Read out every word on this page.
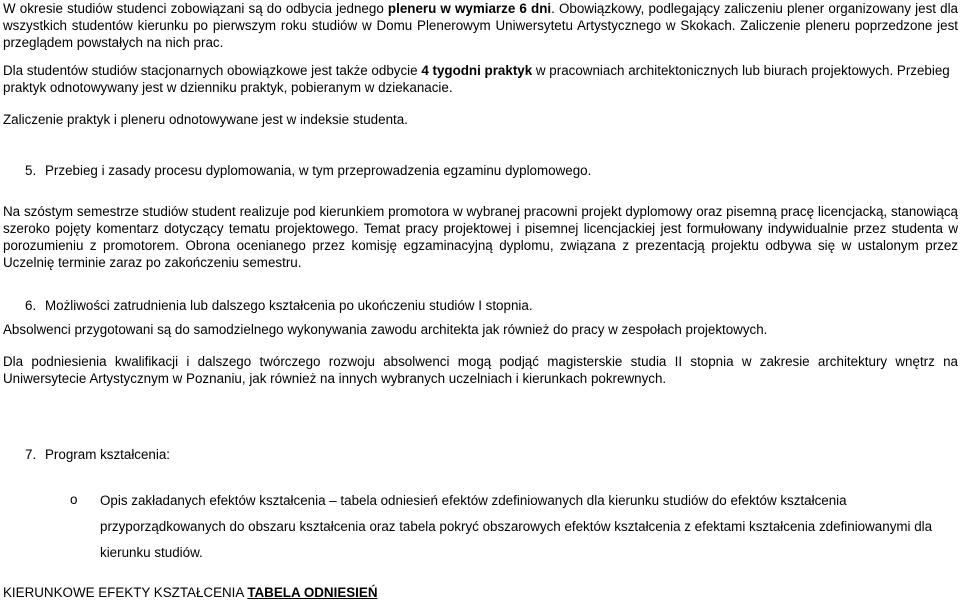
W okresie studiów studenci zobowiązani są do odbycia jednego pleneru w wymiarze 6 dni. Obowiązkowy, podlegający zaliczeniu plener organizowany jest dla wszystkich studentów kierunku po pierwszym roku studiów w Domu Plenerowym Uniwersytetu Artystycznego w Skokach. Zaliczenie pleneru poprzedzone jest przeglądem powstałych na nich prac.

Dla studentów studiów stacjonarnych obowiązkowe jest także odbycie 4 tygodni praktyk w pracowniach architektonicznych lub biurach projektowych. Przebieg praktyk odnotowywany jest w dzienniku praktyk, pobieranym w dziekanacie.

Zaliczenie praktyk i pleneru odnotowywane jest w indeksie studenta.

5. Przebieg i zasady procesu dyplomowania, w tym przeprowadzenia egzaminu dyplomowego.

Na szóstym semestrze studiów student realizuje pod kierunkiem promotora w wybranej pracowni projekt dyplomowy oraz pisemną pracę licencjacką, stanowiącą szeroko pojęty komentarz dotyczący tematu projektowego. Temat pracy projektowej i pisemnej licencjackiej jest formułowany indywidualnie przez studenta w porozumieniu z promotorem. Obrona ocenianego przez komisję egzaminacyjną dyplomu, związana z prezentacją projektu odbywa się w ustalonym przez Uczelnię terminie zaraz po zakończeniu semestru.

6. Możliwości zatrudnienia lub dalszego kształcenia po ukończeniu studiów I stopnia.

Absolwenci przygotowani są do samodzielnego wykonywania zawodu architekta jak również do pracy w zespołach projektowych.

Dla podniesienia kwalifikacji i dalszego twórczego rozwoju absolwenci mogą podjąć magisterskie studia II stopnia w zakresie architektury wnętrz na Uniwersytecie Artystycznym w Poznaniu, jak również na innych wybranych uczelniach i kierunkach pokrewnych.

7. Program kształcenia:

o Opis zakładanych efektów kształcenia – tabela odniesień efektów zdefiniowanych dla kierunku studiów do efektów kształcenia przyporządkowanych do obszaru kształcenia oraz tabela pokryć obszarowych efektów kształcenia z efektami kształcenia zdefiniowanymi dla kierunku studiów.

KIERUNKOWE EFEKTY KSZTAŁCENIA TABELA ODNIESIEŃ
